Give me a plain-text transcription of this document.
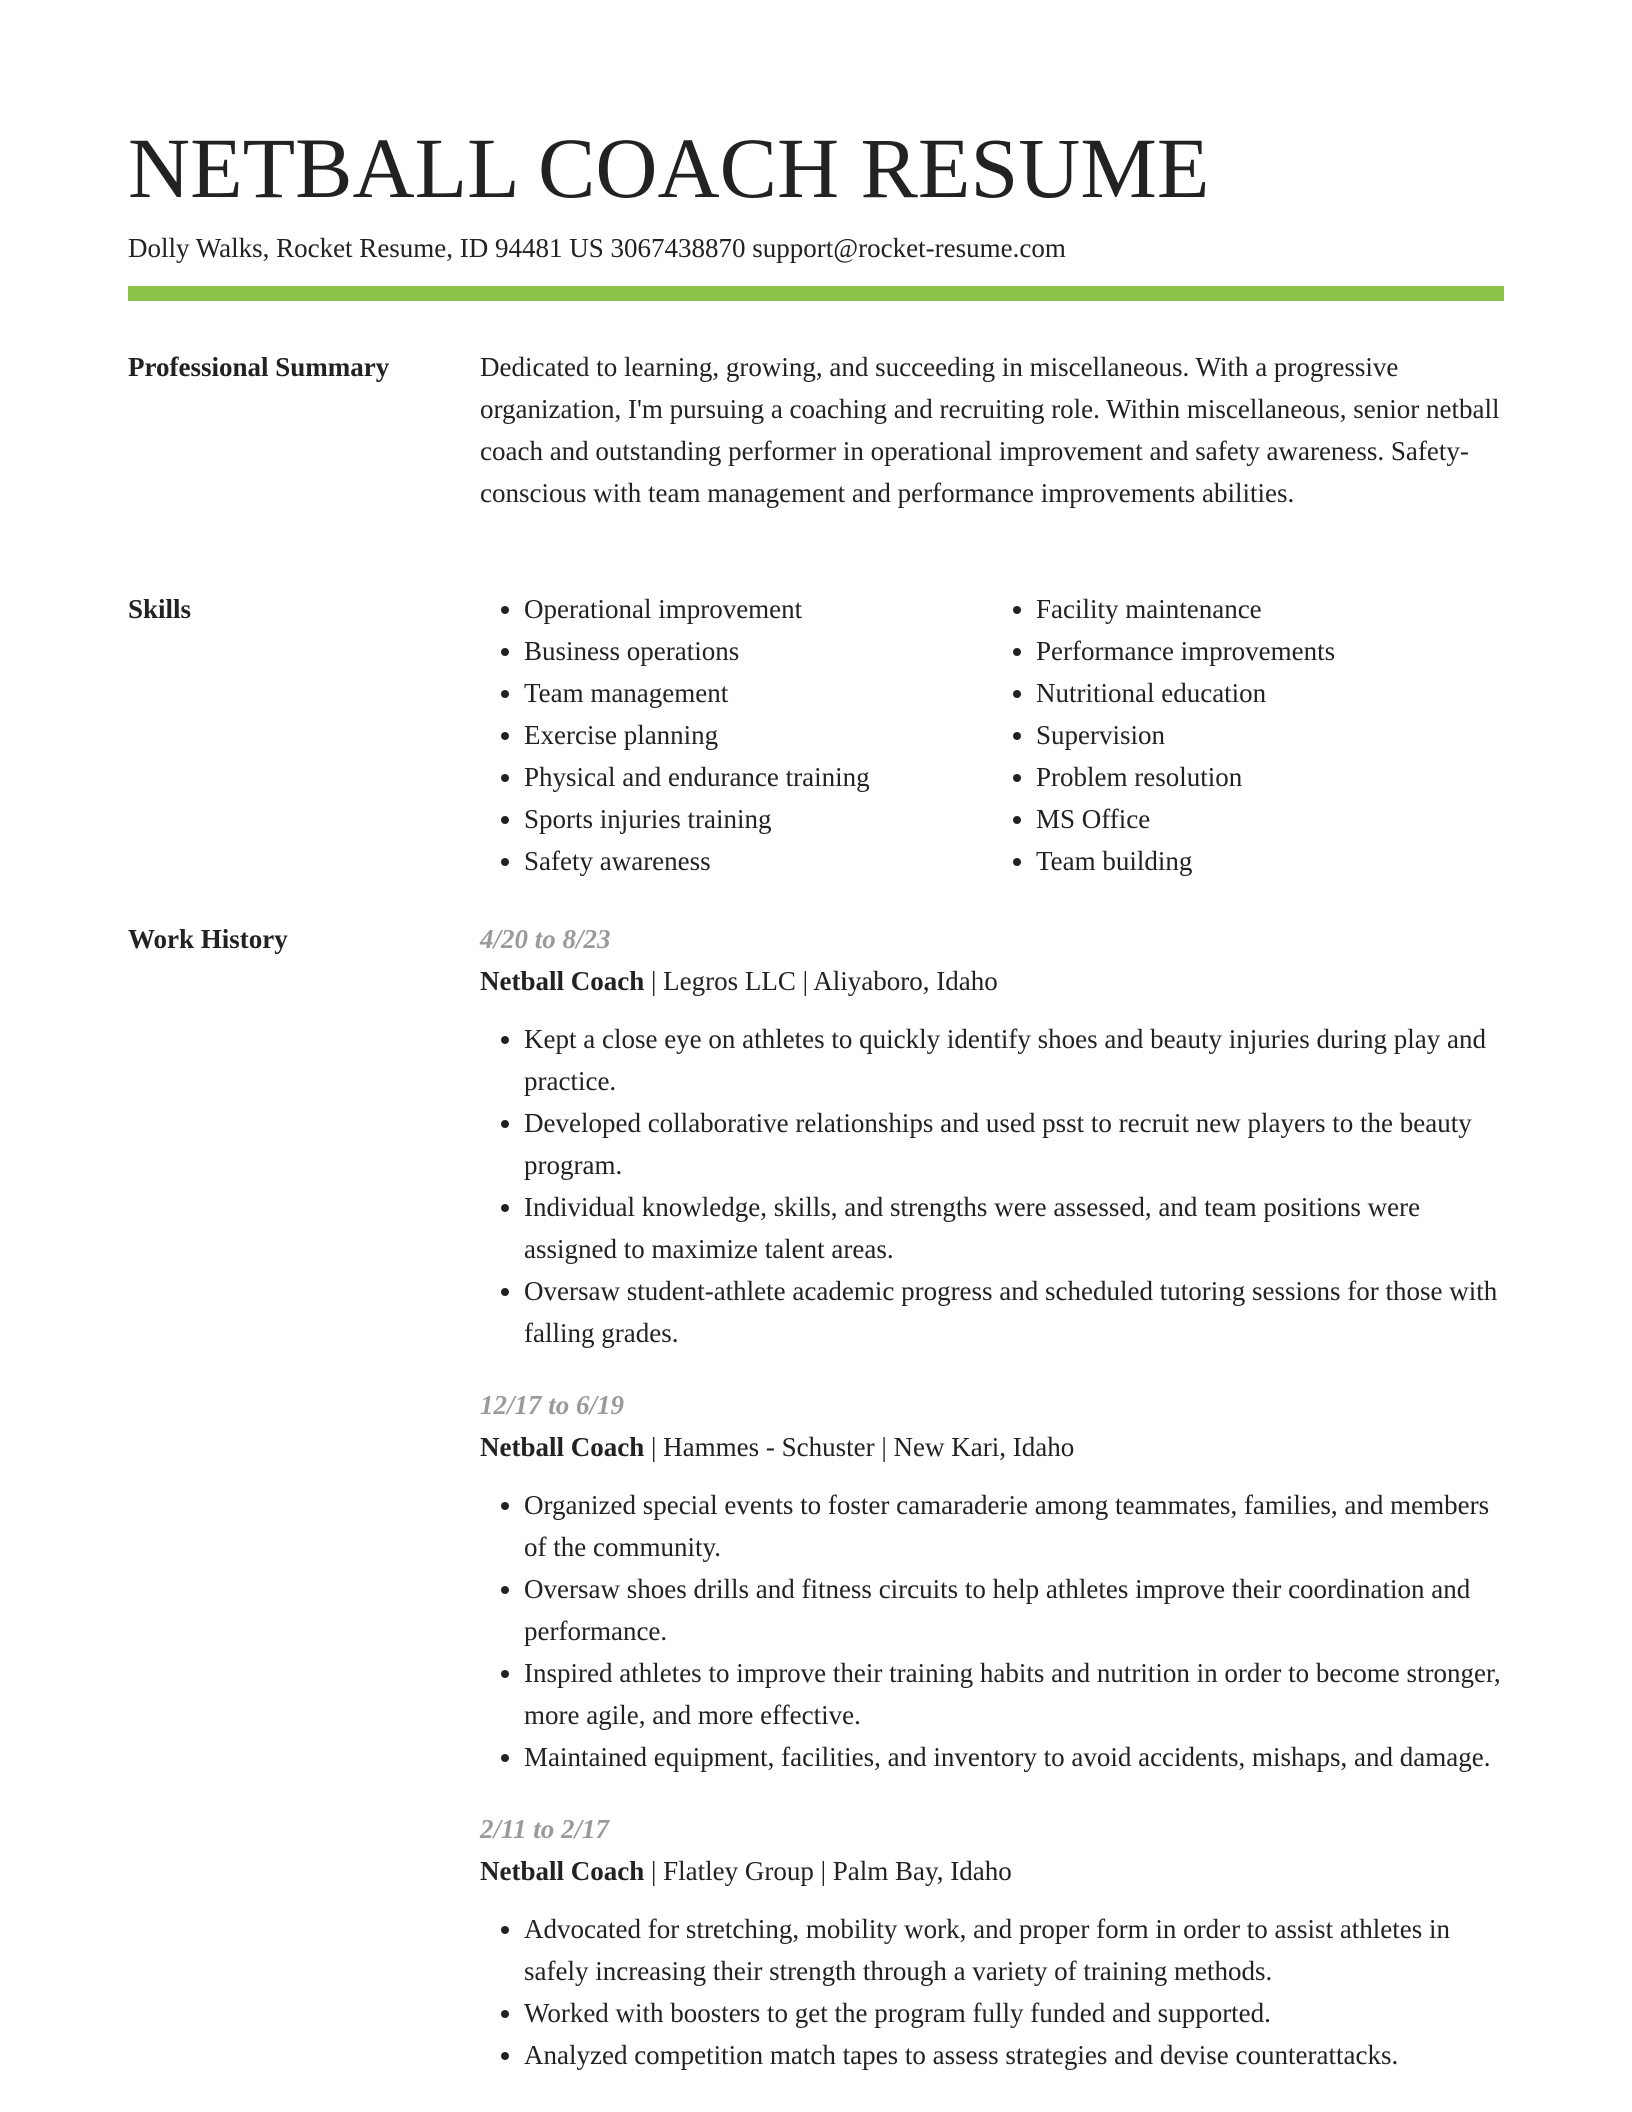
NETBALL COACH RESUME
Dolly Walks, Rocket Resume, ID 94481 US 3067438870 support@rocket-resume.com
Professional Summary	Dedicated to learning, growing, and succeeding in miscellaneous. With a progressive organization, I'm pursuing a coaching and recruiting role. Within miscellaneous, senior netball coach and outstanding performer in operational improvement and safety awareness. Safety-conscious with team management and performance improvements abilities.

Skills
•	Operational improvement
• Business operations
• Team management
• Exercise planning
• Physical and endurance training
• Sports injuries training
• Safety awareness
• Facility maintenance
• Performance improvements
• Nutritional education
• Supervision
• Problem resolution
• MS Office
• Team building
Work History	4/20 to 8/23
Netball Coach | Legros LLC | Aliyaboro, Idaho
• Kept a close eye on athletes to quickly identify shoes and beauty injuries during play and practice.
• Developed collaborative relationships and used psst to recruit new players to the beauty program.
• Individual knowledge, skills, and strengths were assessed, and team positions were assigned to maximize talent areas.
• Oversaw student-athlete academic progress and scheduled tutoring sessions for those with falling grades.
12/17 to 6/19
Netball Coach | Hammes - Schuster | New Kari, Idaho
• Organized special events to foster camaraderie among teammates, families, and members of the community.
• Oversaw shoes drills and fitness circuits to help athletes improve their coordination and performance.
• Inspired athletes to improve their training habits and nutrition in order to become stronger, more agile, and more effective.
• Maintained equipment, facilities, and inventory to avoid accidents, mishaps, and damage.
2/11 to 2/17
Netball Coach | Flatley Group | Palm Bay, Idaho
• Advocated for stretching, mobility work, and proper form in order to assist athletes in safely increasing their strength through a variety of training methods.
• Worked with boosters to get the program fully funded and supported.
• Analyzed competition match tapes to assess strategies and devise counterattacks.
